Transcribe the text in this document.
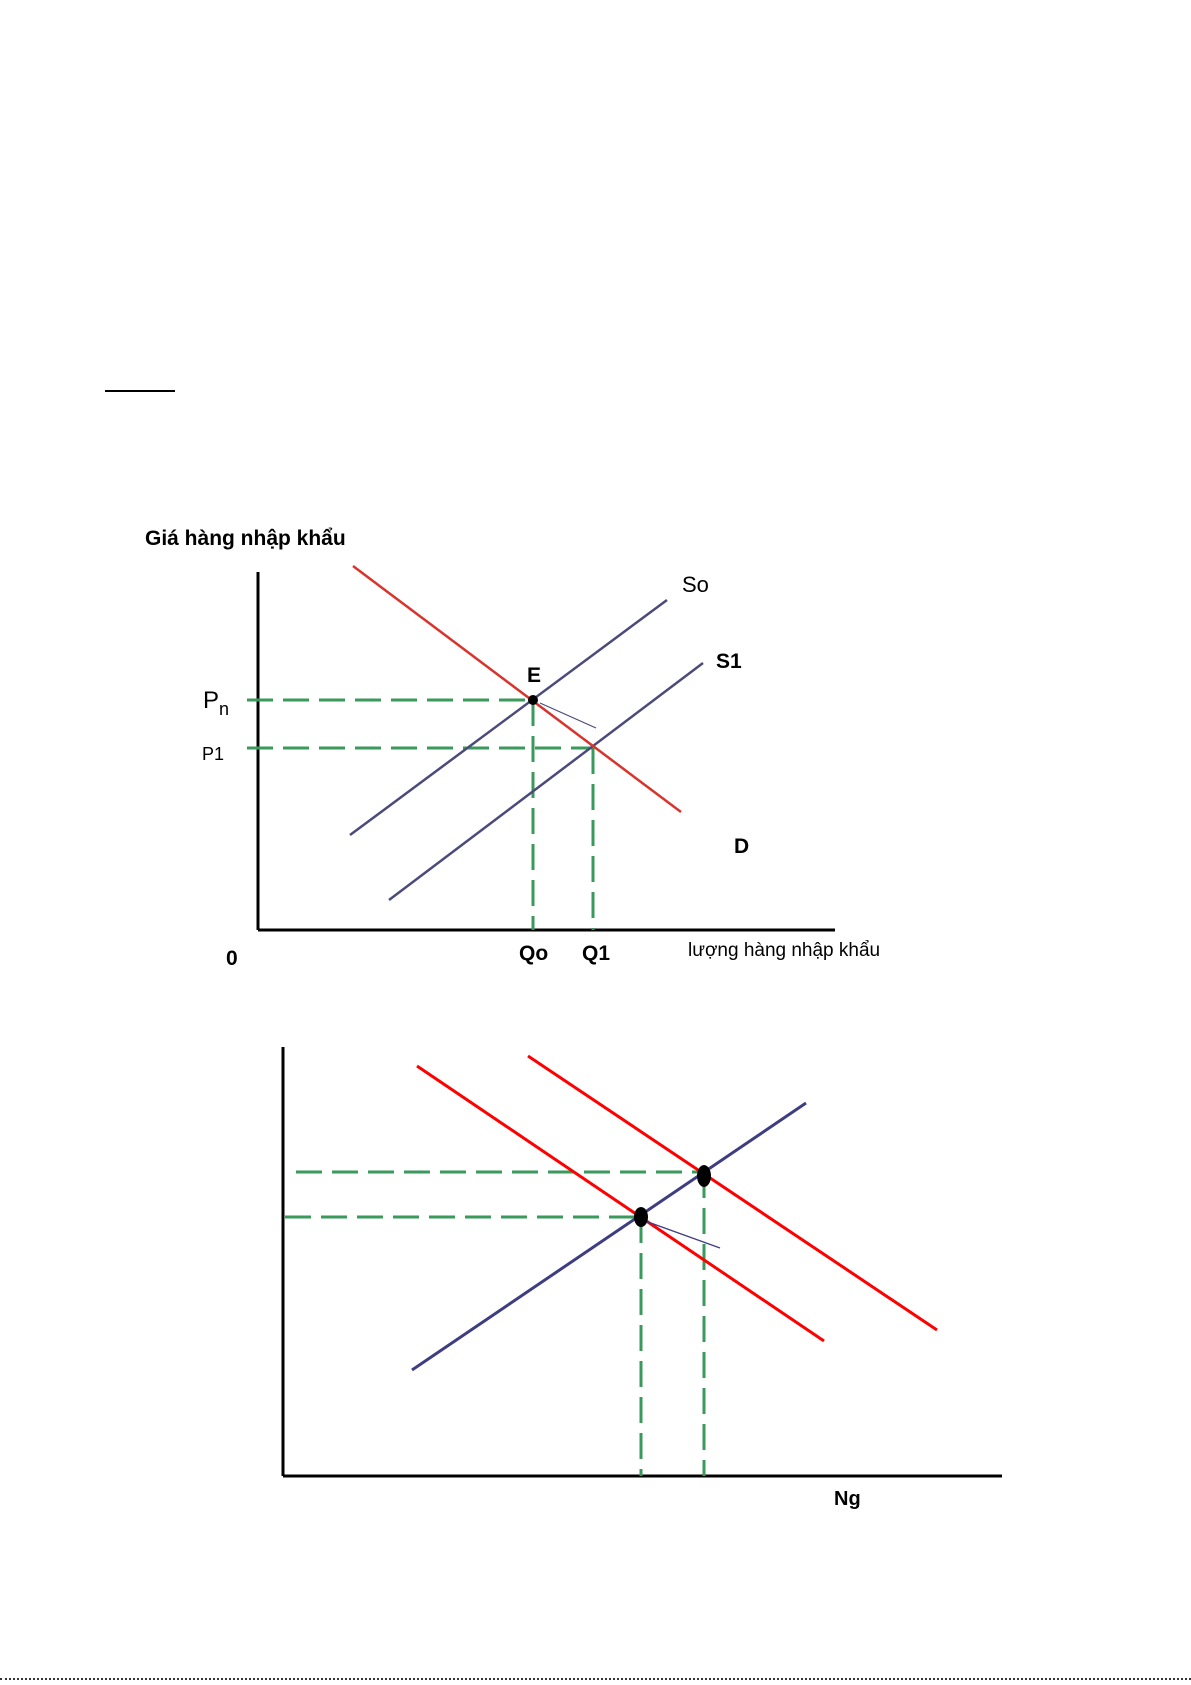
Giá hàng nhập khẩu
lượng hàng nhập khẩu
0
$P_n$
P1
Qo Q1
So
S1
D
E
Ng
